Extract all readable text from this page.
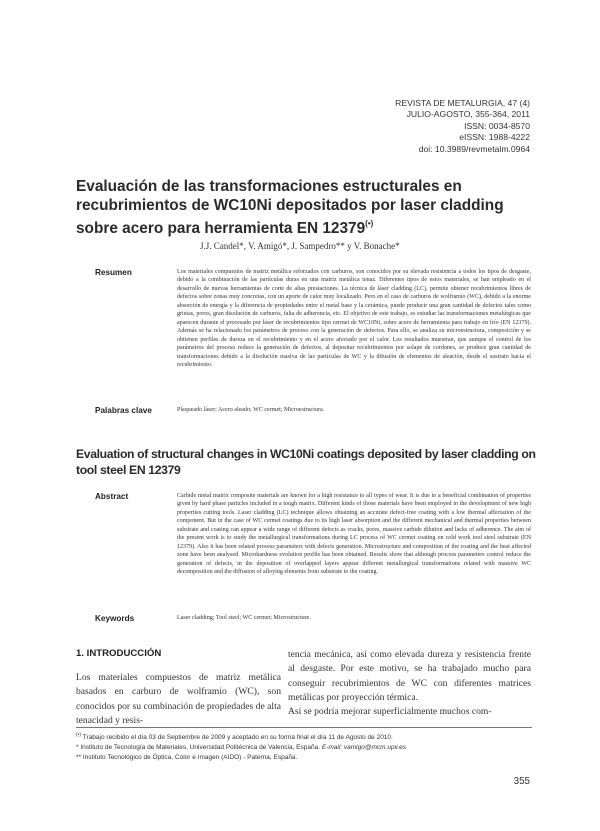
REVISTA DE METALURGIA, 47 (4)
JULIO-AGOSTO, 355-364, 2011
ISSN: 0034-8570
eISSN: 1988-4222
doi: 10.3989/revmetalm.0964
Evaluación de las transformaciones estructurales en recubrimientos de WC10Ni depositados por laser cladding sobre acero para herramienta EN 12379(•)
J.J. Candel*, V. Amigó*, J. Sampedro** y V. Bonache*
Resumen	Los materiales compuestos de matriz metálica reforzados con carburos, son conocidos por su elevada resistencia a todos los tipos de desgaste, debido a la combinación de las partículas duras en una matriz metálica tenaz. Diferentes tipos de estos materiales, se han empleado en el desarrollo de nuevas herramientas de corte de altas prestaciones. La técnica de láser cladding (LC), permite obtener recubrimientos libres de defectos sobre zonas muy concretas, con un aporte de calor muy localizado. Pero en el caso de carburos de wolframio (WC), debido a la enorme absorción de energía y la diferencia de propiedades entre el metal base y la cerámica, puede producir una gran cantidad de defectos tales como grietas, poros, gran disolución de carburos, falta de adherencia, etc. El objetivo de este trabajo, es estudiar las transformaciones metalúrgicas que aparecen durante el procesado por láser de recubrimientos tipo cermet de WC10Ni, sobre acero de herramienta para trabajo en frío (EN 12379). Además se ha relacionado los parámetros de proceso con la generación de defectos. Para ello, se analiza su microestructura, composición y se obtienen perfiles de dureza en el recubrimiento y en el acero afectado por el calor. Los resultados muestran, que aunque el control de los parámetros del proceso reduce la generación de defectos, al depositar recubrimientos por solape de cordones, se produce gran cantidad de transformaciones debido a la disolución masiva de las partículas de WC y la difusión de elementos de aleación, desde el sustrato hacia el recubrimiento.

Palabras clave	Plaqueado láser; Acero aleado; WC cermet; Microestructura.
Evaluation of structural changes in WC10Ni coatings deposited by laser cladding on tool steel EN 12379
Abstract	Carbide metal matrix composite materials are known for a high resistance to all types of wear. It is due to a beneficial combination of properties given by hard phase particles included in a tough matrix. Different kinds of those materials have been employed in the development of new high properties cutting tools. Laser cladding (LC) technique allows obtaining an accurate defect-free coating with a low thermal affectation of the component. But in the case of WC cermet coatings due to its high laser absorption and the different mechanical and thermal properties between substrate and coating can appear a wide range of different defects as cracks, pores, massive carbide dilution and lacks of adherence. The aim of the present work is to study the metallurgical transformations during LC process of WC cermet coating on cold work tool steel substrate (EN 12379). Also it has been related process parameters with defects generation. Microstructure and composition of the coating and the heat affected zone have been analysed. Microhardness evolution profile has been obtained. Results show that although process parameters control reduce the generation of defects, in the deposition of overlapped layers appear different metallurgical transformations related with massive WC decomposition and the diffusion of alloying elements from substrate to the coating.

Keywords	Laser cladding; Tool steel; WC cermet; Microstructure.
1. INTRODUCCIÓN

Los materiales compuestos de matriz metálica basados en carburo de wolframio (WC), son conocidos por su combinación de propiedades de alta tenacidad y resis-

tencia mecánica, así como elevada dureza y resistencia frente al desgaste. Por este motivo, se ha trabajado mucho para conseguir recubrimientos de WC con diferentes matrices metálicas por proyección térmica.

Así se podría mejorar superficialmente muchos com-

(•) Trabajo recibido el día 03 de Septiembre de 2009 y aceptado en su forma final el día 11 de Agosto de 2010.
* Instituto de Tecnología de Materiales, Universidad Politécnica de Valencia, España. E-mail: vamigo@mcm.upv.es
** Instituto Tecnológico de Óptica, Color e Imagen (AIDO) - Paterna, España.
355
